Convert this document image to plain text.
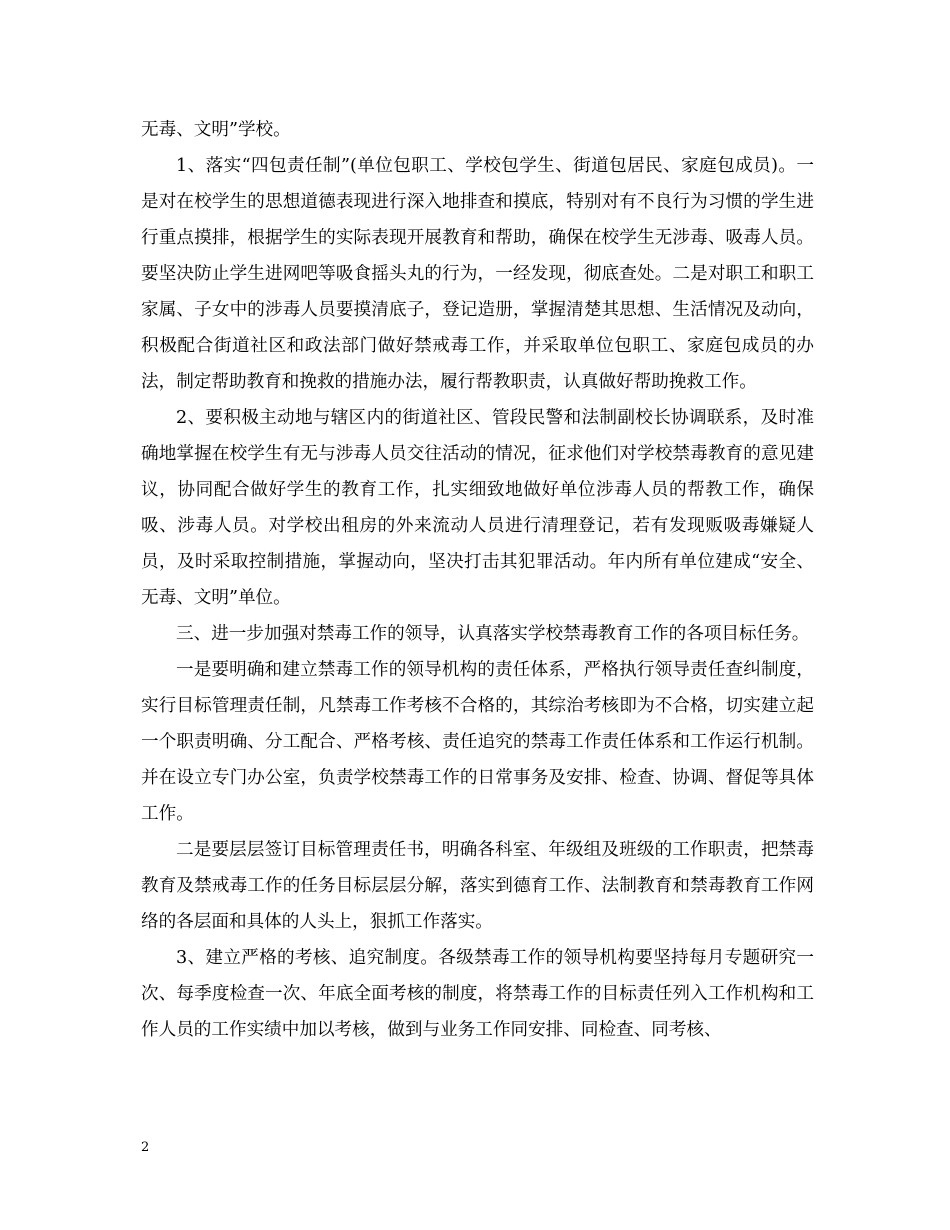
无毒、文明”学校。

1、落实“四包责任制”(单位包职工、学校包学生、街道包居民、家庭包成员)。一是对在校学生的思想道德表现进行深入地排查和摸底，特别对有不良行为习惯的学生进行重点摸排，根据学生的实际表现开展教育和帮助，确保在校学生无涉毒、吸毒人员。要坚决防止学生进网吧等吸食摇头丸的行为，一经发现，彻底查处。二是对职工和职工家属、子女中的涉毒人员要摸清底子，登记造册，掌握清楚其思想、生活情况及动向，积极配合街道社区和政法部门做好禁戒毒工作，并采取单位包职工、家庭包成员的办法，制定帮助教育和挽救的措施办法，履行帮教职责，认真做好帮助挽救工作。

2、要积极主动地与辖区内的街道社区、管段民警和法制副校长协调联系，及时准确地掌握在校学生有无与涉毒人员交往活动的情况，征求他们对学校禁毒教育的意见建议，协同配合做好学生的教育工作，扎实细致地做好单位涉毒人员的帮教工作，确保吸、涉毒人员。对学校出租房的外来流动人员进行清理登记，若有发现贩吸毒嫌疑人员，及时采取控制措施，掌握动向，坚决打击其犯罪活动。年内所有单位建成“安全、无毒、文明”单位。

三、进一步加强对禁毒工作的领导，认真落实学校禁毒教育工作的各项目标任务。

一是要明确和建立禁毒工作的领导机构的责任体系，严格执行领导责任查纠制度，实行目标管理责任制，凡禁毒工作考核不合格的，其综治考核即为不合格，切实建立起一个职责明确、分工配合、严格考核、责任追究的禁毒工作责任体系和工作运行机制。并在设立专门办公室，负责学校禁毒工作的日常事务及安排、检查、协调、督促等具体工作。

二是要层层签订目标管理责任书，明确各科室、年级组及班级的工作职责，把禁毒教育及禁戒毒工作的任务目标层层分解，落实到德育工作、法制教育和禁毒教育工作网络的各层面和具体的人头上，狠抓工作落实。

3、建立严格的考核、追究制度。各级禁毒工作的领导机构要坚持每月专题研究一次、每季度检查一次、年底全面考核的制度，将禁毒工作的目标责任列入工作机构和工作人员的工作实绩中加以考核，做到与业务工作同安排、同检查、同考核、

2
